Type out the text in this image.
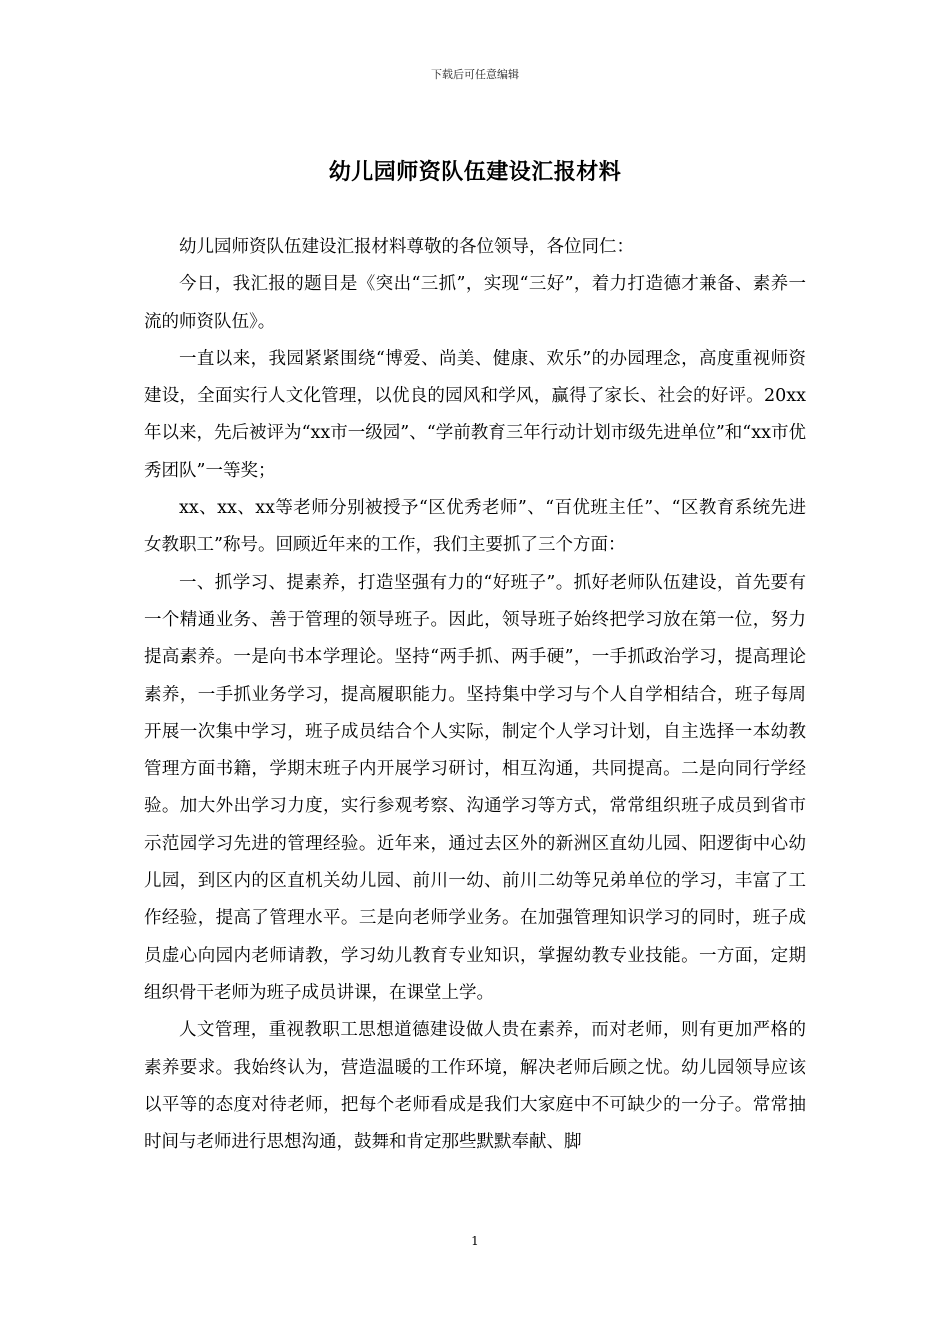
下载后可任意编辑
幼儿园师资队伍建设汇报材料

幼儿园师资队伍建设汇报材料尊敬的各位领导，各位同仁：

今日，我汇报的题目是《突出“三抓”，实现“三好”，着力打造德才兼备、素养一流的师资队伍》。

一直以来，我园紧紧围绕“博爱、尚美、健康、欢乐”的办园理念，高度重视师资建设，全面实行人文化管理，以优良的园风和学风，赢得了家长、社会的好评。20xx年以来，先后被评为“xx市一级园”、“学前教育三年行动计划市级先进单位”和“xx市优秀团队”一等奖；

xx、xx、xx等老师分别被授予“区优秀老师”、“百优班主任”、“区教育系统先进女教职工”称号。回顾近年来的工作，我们主要抓了三个方面：

一、抓学习、提素养，打造坚强有力的“好班子”。抓好老师队伍建设，首先要有一个精通业务、善于管理的领导班子。因此，领导班子始终把学习放在第一位，努力提高素养。一是向书本学理论。坚持“两手抓、两手硬”，一手抓政治学习，提高理论素养，一手抓业务学习，提高履职能力。坚持集中学习与个人自学相结合，班子每周开展一次集中学习，班子成员结合个人实际，制定个人学习计划，自主选择一本幼教管理方面书籍，学期末班子内开展学习研讨，相互沟通，共同提高。二是向同行学经验。加大外出学习力度，实行参观考察、沟通学习等方式，常常组织班子成员到省市示范园学习先进的管理经验。近年来，通过去区外的新洲区直幼儿园、阳逻街中心幼儿园，到区内的区直机关幼儿园、前川一幼、前川二幼等兄弟单位的学习，丰富了工作经验，提高了管理水平。三是向老师学业务。在加强管理知识学习的同时，班子成员虚心向园内老师请教，学习幼儿教育专业知识，掌握幼教专业技能。一方面，定期组织骨干老师为班子成员讲课，在课堂上学。

人文管理，重视教职工思想道德建设做人贵在素养，而对老师，则有更加严格的素养要求。我始终认为，营造温暖的工作环境，解决老师后顾之忧。幼儿园领导应该以平等的态度对待老师，把每个老师看成是我们大家庭中不可缺少的一分子。常常抽时间与老师进行思想沟通，鼓舞和肯定那些默默奉献、脚

1
